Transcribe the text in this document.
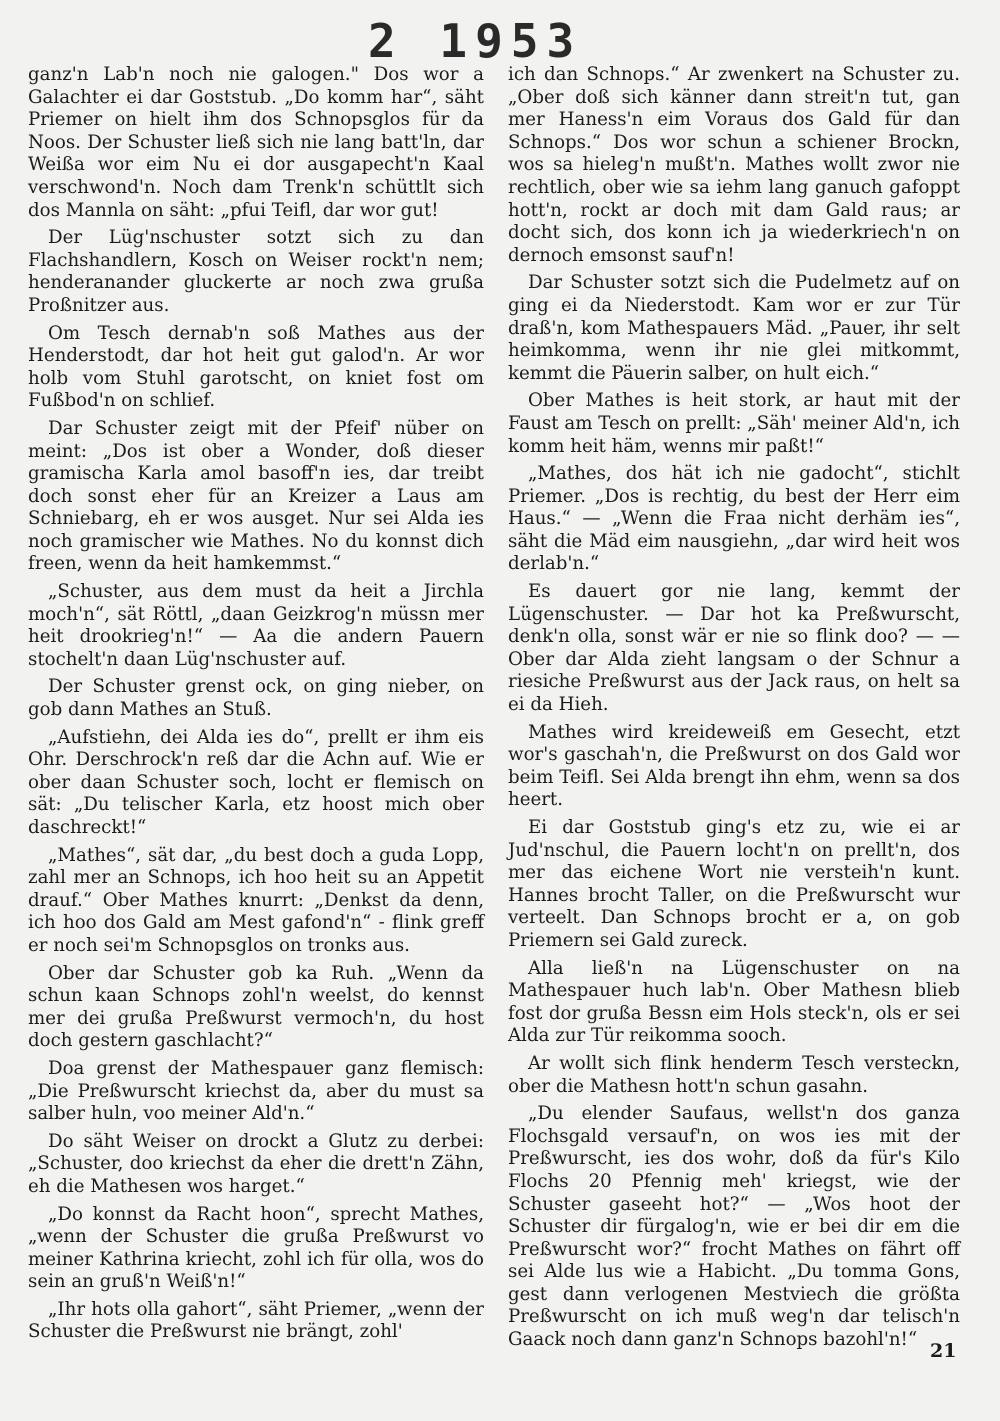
2 1953

ganz'n Lab'n noch nie galogen." Dos wor a Galachter ei dar Goststub. „Do komm har“, säht Priemer on hielt ihm dos Schnopsglos für da Noos. Der Schuster ließ sich nie lang batt'ln, dar Weißa wor eim Nu ei dor ausgapecht'n Kaal verschwond'n. Noch dam Trenk'n schüttlt sich dos Mannla on säht: „pfui Teifl, dar wor gut!

Der Lüg'nschuster sotzt sich zu dan Flachshandlern, Kosch on Weiser rockt'n nem; henderanander gluckerte ar noch zwa grußa Proßnitzer aus.

Om Tesch dernab'n soß Mathes aus der Henderstodt, dar hot heit gut galod'n. Ar wor holb vom Stuhl garotscht, on kniet fost om Fußbod'n on schlief.

Dar Schuster zeigt mit der Pfeif' nüber on meint: „Dos ist ober a Wonder, doß dieser gramischa Karla amol basoff'n ies, dar treibt doch sonst eher für an Kreizer a Laus am Schniebarg, eh er wos ausget. Nur sei Alda ies noch gramischer wie Mathes. No du konnst dich freen, wenn da heit hamkemmst.“

„Schuster, aus dem must da heit a Jirchla moch'n“, sät Röttl, „daan Geizkrog'n müssn mer heit drookrieg'n!“ — Aa die andern Pauern stochelt'n daan Lüg'nschuster auf.

Der Schuster grenst ock, on ging nieber, on gob dann Mathes an Stuß.

„Aufstiehn, dei Alda ies do“, prellt er ihm eis Ohr. Derschrock'n reß dar die Achn auf. Wie er ober daan Schuster soch, locht er flemisch on sät: „Du telischer Karla, etz hoost mich ober daschreckt!“

„Mathes“, sät dar, „du best doch a guda Lopp, zahl mer an Schnops, ich hoo heit su an Appetit drauf.“ Ober Mathes knurrt: „Denkst da denn, ich hoo dos Gald am Mest gafond'n“ - flink greff er noch sei'm Schnopsglos on tronks aus.

Ober dar Schuster gob ka Ruh. „Wenn da schun kaan Schnops zohl'n weelst, do kennst mer dei grußa Preßwurst vermoch'n, du host doch gestern gaschlacht?“

Doa grenst der Mathespauer ganz flemisch: „Die Preßwurscht kriechst da, aber du must sa salber huln, voo meiner Ald'n.“

Do säht Weiser on drockt a Glutz zu derbei: „Schuster, doo kriechst da eher die drett'n Zähn, eh die Mathesen wos harget.“

„Do konnst da Racht hoon“, sprecht Mathes, „wenn der Schuster die grußa Preßwurst vo meiner Kathrina kriecht, zohl ich für olla, wos do sein an gruß'n Weiß'n!“

„Ihr hots olla gahort“, säht Priemer, „wenn der Schuster die Preßwurst nie brängt, zohl'

ich dan Schnops.“ Ar zwenkert na Schuster zu. „Ober doß sich känner dann streit'n tut, gan mer Haness'n eim Voraus dos Gald für dan Schnops.“ Dos wor schun a schiener Brockn, wos sa hieleg'n mußt'n. Mathes wollt zwor nie rechtlich, ober wie sa iehm lang ganuch gafoppt hott'n, rockt ar doch mit dam Gald raus; ar docht sich, dos konn ich ja wiederkriech'n on dernoch emsonst sauf'n!

Dar Schuster sotzt sich die Pudelmetz auf on ging ei da Niederstodt. Kam wor er zur Tür draß'n, kom Mathespauers Mäd. „Pauer, ihr selt heimkomma, wenn ihr nie glei mitkommt, kemmt die Päuerin salber, on hult eich.“

Ober Mathes is heit stork, ar haut mit der Faust am Tesch on prellt: „Säh' meiner Ald'n, ich komm heit häm, wenns mir paßt!“

„Mathes, dos hät ich nie gadocht“, stichlt Priemer. „Dos is rechtig, du best der Herr eim Haus.“ — „Wenn die Fraa nicht derhäm ies“, säht die Mäd eim nausgiehn, „dar wird heit wos derlab'n.“

Es dauert gor nie lang, kemmt der Lügenschuster. — Dar hot ka Preßwurscht, denk'n olla, sonst wär er nie so flink doo? — — Ober dar Alda zieht langsam o der Schnur a riesiche Preßwurst aus der Jack raus, on helt sa ei da Hieh.

Mathes wird kreideweiß em Gesecht, etzt wor's gaschah'n, die Preßwurst on dos Gald wor beim Teifl. Sei Alda brengt ihn ehm, wenn sa dos heert.

Ei dar Goststub ging's etz zu, wie ei ar Jud'nschul, die Pauern locht'n on prellt'n, dos mer das eichene Wort nie versteih'n kunt. Hannes brocht Taller, on die Preßwurscht wur verteelt. Dan Schnops brocht er a, on gob Priemern sei Gald zureck.

Alla ließ'n na Lügenschuster on na Mathespauer huch lab'n. Ober Mathesn blieb fost dor grußa Bessn eim Hols steck'n, ols er sei Alda zur Tür reikomma sooch.

Ar wollt sich flink henderm Tesch versteckn, ober die Mathesn hott'n schun gasahn.

„Du elender Saufaus, wellst'n dos ganza Flochsgald versauf'n, on wos ies mit der Preßwurscht, ies dos wohr, doß da für's Kilo Flochs 20 Pfennig meh' kriegst, wie der Schuster gaseeht hot?“ — „Wos hoot der Schuster dir fürgalog'n, wie er bei dir em die Preßwurscht wor?“ frocht Mathes on fährt off sei Alde lus wie a Habicht. „Du tomma Gons, gest dann verlogenen Mestviech die größta Preßwurscht on ich muß weg'n dar telisch'n Gaack noch dann ganz'n Schnops bazohl'n!“

21
